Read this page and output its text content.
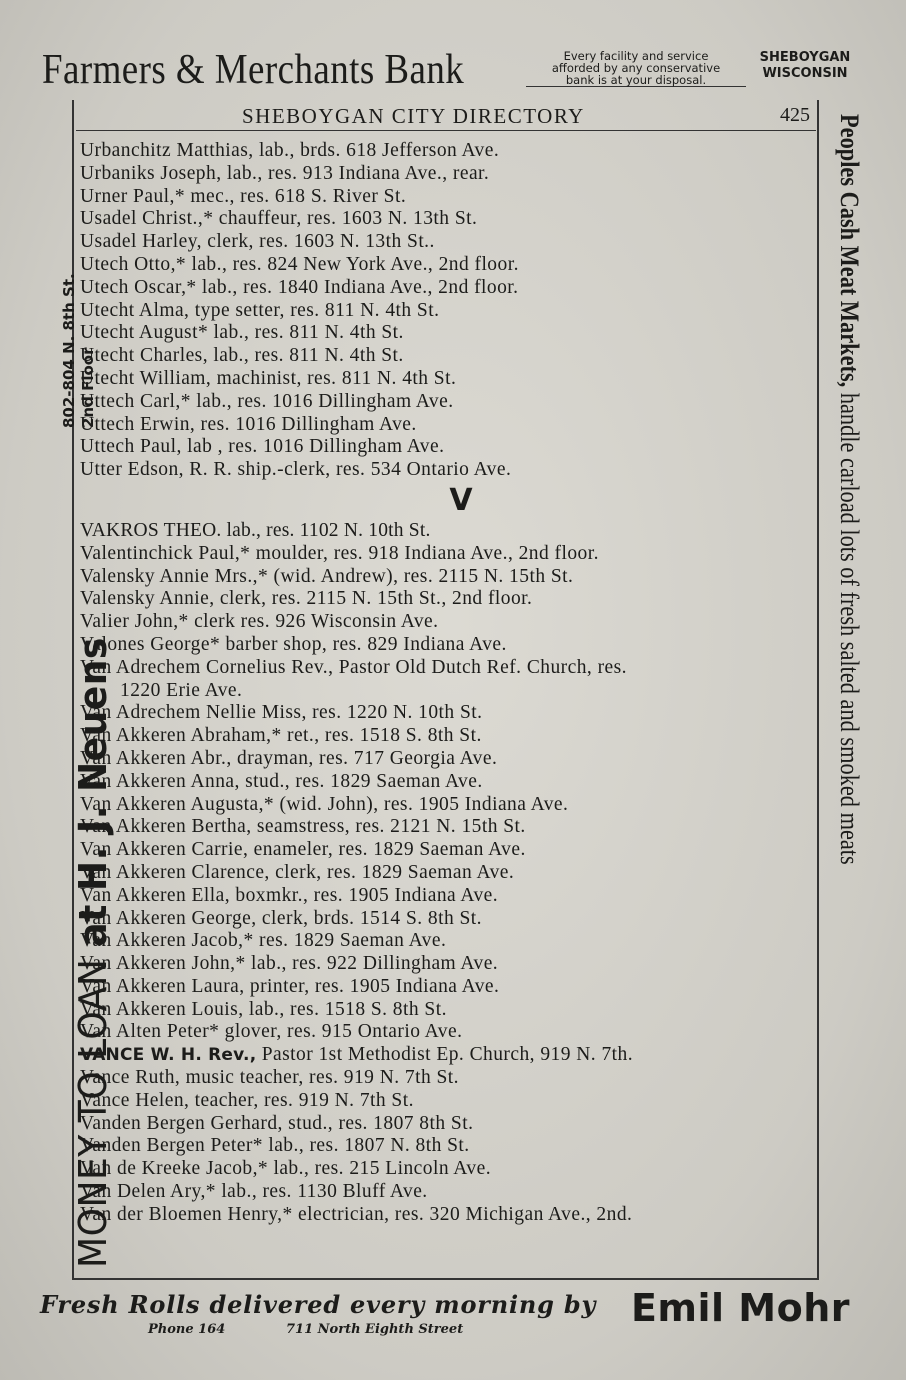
Farmers & Merchants Bank	Every facility and service
afforded by any conservative
bank is at your disposal.
SHEBOYGAN
WISCONSIN
SHEBOYGAN CITY DIRECTORY	425
MONEY TO LOAN at H. J. Neuens
802-804 N. 8th St. 2nd Floor
Peoples Cash Meat Markets, handle carload lots of fresh salted and smoked meats
Urbanchitz Matthias, lab., brds. 618 Jefferson Ave.
Urbaniks Joseph, lab., res. 913 Indiana Ave., rear.
Urner Paul,* mec., res. 618 S. River St.
Usadel Christ.,* chauffeur, res. 1603 N. 13th St.
Usadel Harley, clerk, res. 1603 N. 13th St..
Utech Otto,* lab., res. 824 New York Ave., 2nd floor.
Utech Oscar,* lab., res. 1840 Indiana Ave., 2nd floor.
Utecht Alma, type setter, res. 811 N. 4th St.
Utecht August* lab., res. 811 N. 4th St.
Utecht Charles, lab., res. 811 N. 4th St.
Utecht William, machinist, res. 811 N. 4th St.
Uttech Carl,* lab., res. 1016 Dillingham Ave.
Uttech Erwin, res. 1016 Dillingham Ave.
Uttech Paul, lab , res. 1016 Dillingham Ave.
Utter Edson, R. R. ship.-clerk, res. 534 Ontario Ave.
V
VAKROS THEO. lab., res. 1102 N. 10th St.
Valentinchick Paul,* moulder, res. 918 Indiana Ave., 2nd floor.
Valensky Annie Mrs.,* (wid. Andrew), res. 2115 N. 15th St.
Valensky Annie, clerk, res. 2115 N. 15th St., 2nd floor.
Valier John,* clerk res. 926 Wisconsin Ave.
Valones George* barber shop, res. 829 Indiana Ave.
Van Adrechem Cornelius Rev., Pastor Old Dutch Ref. Church, res.
1220 Erie Ave.
Van Adrechem Nellie Miss, res. 1220 N. 10th St.
Van Akkeren Abraham,* ret., res. 1518 S. 8th St.
Van Akkeren Abr., drayman, res. 717 Georgia Ave.
Van Akkeren Anna, stud., res. 1829 Saeman Ave.
Van Akkeren Augusta,* (wid. John), res. 1905 Indiana Ave.
Van Akkeren Bertha, seamstress, res. 2121 N. 15th St.
Van Akkeren Carrie, enameler, res. 1829 Saeman Ave.
Van Akkeren Clarence, clerk, res. 1829 Saeman Ave.
Van Akkeren Ella, boxmkr., res. 1905 Indiana Ave.
Van Akkeren George, clerk, brds. 1514 S. 8th St.
Van Akkeren Jacob,* res. 1829 Saeman Ave.
Van Akkeren John,* lab., res. 922 Dillingham Ave.
Van Akkeren Laura, printer, res. 1905 Indiana Ave.
Van Akkeren Louis, lab., res. 1518 S. 8th St.
Van Alten Peter* glover, res. 915 Ontario Ave.
VANCE W. H. Rev., Pastor 1st Methodist Ep. Church, 919 N. 7th.
Vance Ruth, music teacher, res. 919 N. 7th St.
Vance Helen, teacher, res. 919 N. 7th St.
Vanden Bergen Gerhard, stud., res. 1807 8th St.
Vanden Bergen Peter* lab., res. 1807 N. 8th St.
Van de Kreeke Jacob,* lab., res. 215 Lincoln Ave.
Van Delen Ary,* lab., res. 1130 Bluff Ave.
Van der Bloemen Henry,* electrician, res. 320 Michigan Ave., 2nd.
Fresh Rolls delivered every morning by Emil Mohr
Phone 164	711 North Eighth Street
